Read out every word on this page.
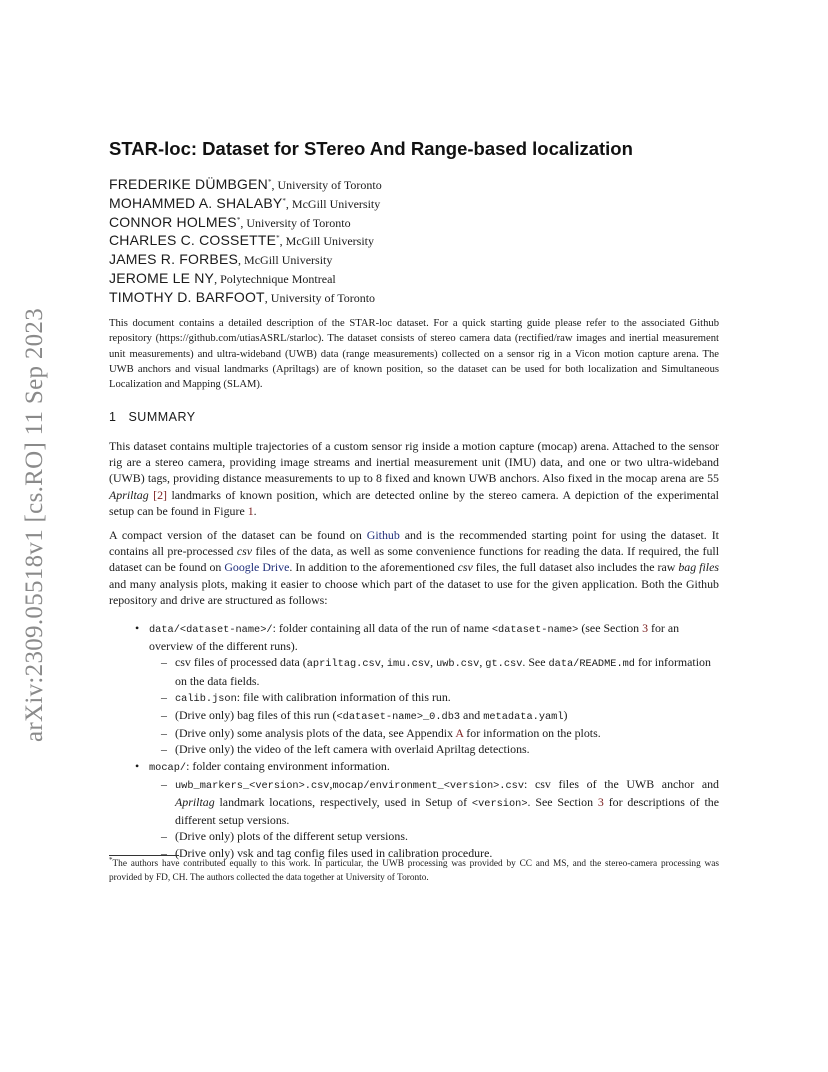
arXiv:2309.05518v1 [cs.RO] 11 Sep 2023
STAR-loc: Dataset for STereo And Range-based localization
FREDERIKE DÜMBGEN*, University of Toronto
MOHAMMED A. SHALABY*, McGill University
CONNOR HOLMES*, University of Toronto
CHARLES C. COSSETTE*, McGill University
JAMES R. FORBES, McGill University
JEROME LE NY, Polytechnique Montreal
TIMOTHY D. BARFOOT, University of Toronto
This document contains a detailed description of the STAR-loc dataset. For a quick starting guide please refer to the associated Github repository (https://github.com/utiasASRL/starloc). The dataset consists of stereo camera data (rectified/raw images and inertial measurement unit measurements) and ultra-wideband (UWB) data (range measurements) collected on a sensor rig in a Vicon motion capture arena. The UWB anchors and visual landmarks (Apriltags) are of known position, so the dataset can be used for both localization and Simultaneous Localization and Mapping (SLAM).
1 SUMMARY
This dataset contains multiple trajectories of a custom sensor rig inside a motion capture (mocap) arena. Attached to the sensor rig are a stereo camera, providing image streams and inertial measurement unit (IMU) data, and one or two ultra-wideband (UWB) tags, providing distance measurements to up to 8 fixed and known UWB anchors. Also fixed in the mocap arena are 55 Apriltag [2] landmarks of known position, which are detected online by the stereo camera. A depiction of the experimental setup can be found in Figure 1.
A compact version of the dataset can be found on Github and is the recommended starting point for using the dataset. It contains all pre-processed csv files of the data, as well as some convenience functions for reading the data. If required, the full dataset can be found on Google Drive. In addition to the aforementioned csv files, the full dataset also includes the raw bag files and many analysis plots, making it easier to choose which part of the dataset to use for the given application. Both the Github repository and drive are structured as follows:
• data/<dataset-name>/: folder containing all data of the run of name <dataset-name> (see Section 3 for an overview of the different runs).
– csv files of processed data (apriltag.csv, imu.csv, uwb.csv, gt.csv. See data/README.md for information on the data fields.
– calib.json: file with calibration information of this run.
– (Drive only) bag files of this run (<dataset-name>_0.db3 and metadata.yaml)
– (Drive only) some analysis plots of the data, see Appendix A for information on the plots.
– (Drive only) the video of the left camera with overlaid Apriltag detections.
• mocap/: folder containg environment information.
– uwb_markers_<version>.csv,mocap/environment_<version>.csv: csv files of the UWB anchor and Apriltag landmark locations, respectively, used in Setup of <version>. See Section 3 for descriptions of the different setup versions.
– (Drive only) plots of the different setup versions.
– (Drive only) vsk and tag config files used in calibration procedure.
*The authors have contributed equally to this work. In particular, the UWB processing was provided by CC and MS, and the stereo-camera processing was provided by FD, CH. The authors collected the data together at University of Toronto.
